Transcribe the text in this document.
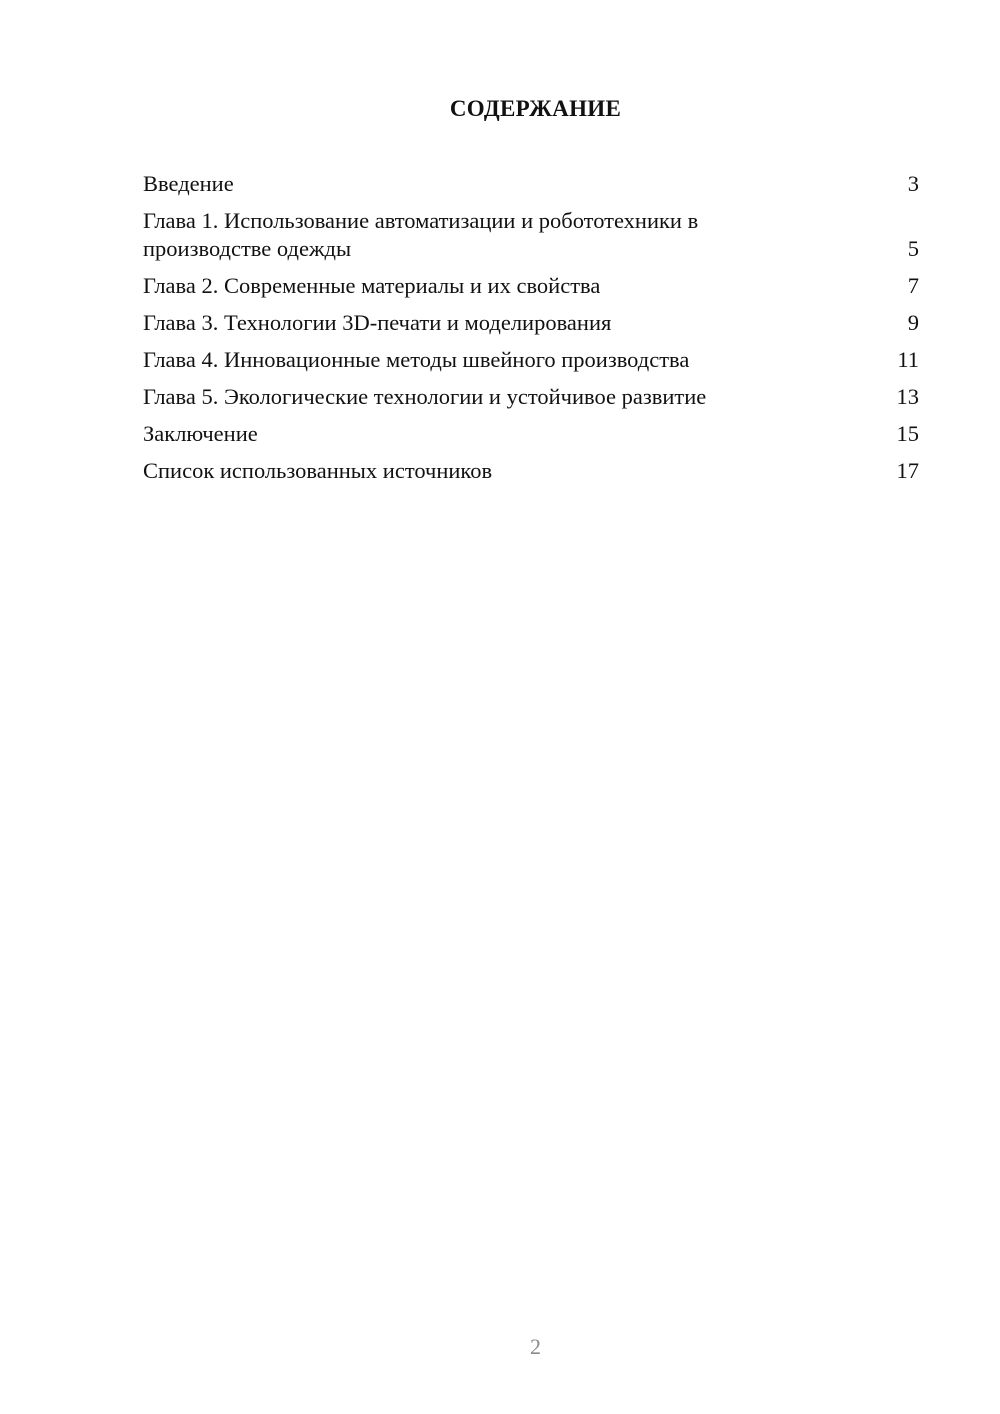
СОДЕРЖАНИЕ
Введение	3
Глава 1. Использование автоматизации и робототехники в
производстве одежды	5
Глава 2. Современные материалы и их свойства	7
Глава 3. Технологии 3D-печати и моделирования	9
Глава 4. Инновационные методы швейного производства	11
Глава 5. Экологические технологии и устойчивое развитие	13
Заключение	15
Список использованных источников	17
2
